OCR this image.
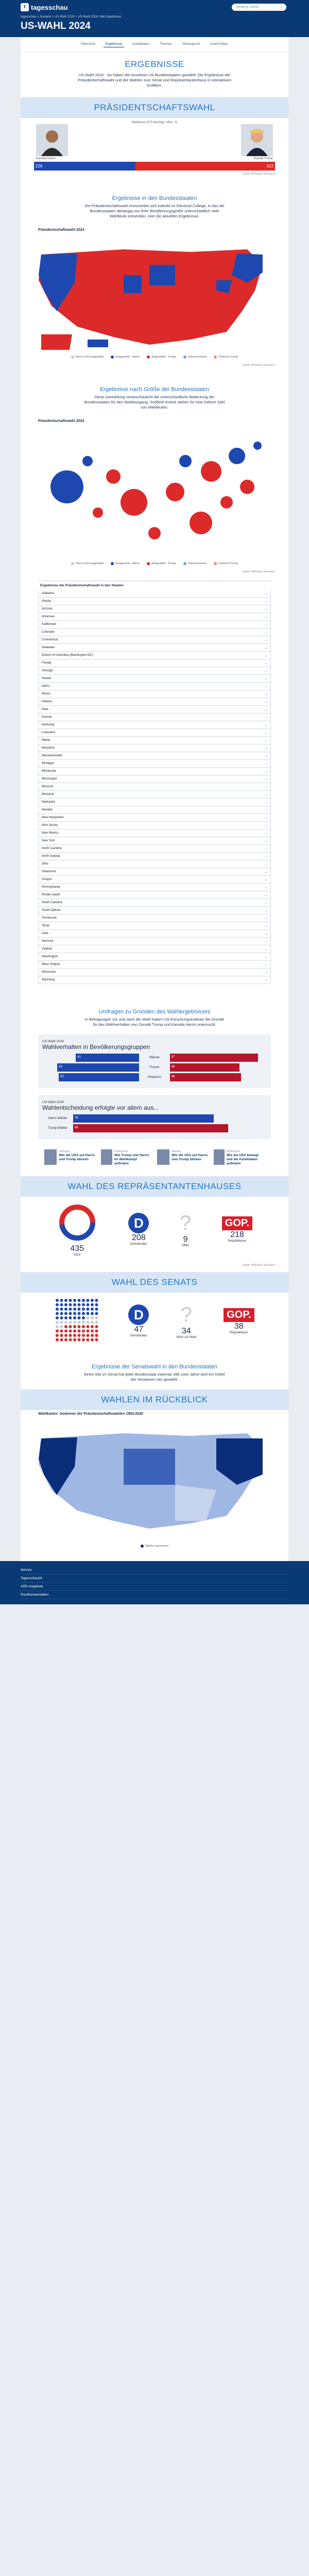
t tagesschau	Sendung suchen	⌕
tagesschau > Ausland > US-Wahl 2024 > US-Wahl 2024: Alle Ergebnisse
US-WAHL 2024
Übersicht	Ergebnisse	Kandidaten	Themen	Hintergrund	Audio/Video
ERGEBNISSE
US-Wahl 2024 - So haben die einzelnen US-Bundesstaaten gewählt: Die Ergebnisse der Präsidentschaftswahl und der Wahlen zum Senat und Repräsentantenhaus in interaktiven Grafiken.
PRÄSIDENTSCHAFTSWAHL
Wahlleute (270 benötigt, offen: 0)
Kamala Harris	Donald Trump
226	312
Quelle: AP/Edison Research
Ergebnisse in den Bundesstaaten
Die Präsidentschaftswahl entscheidet sich indirekt im Electoral College, in das die Bundesstaaten abhängig von ihrer Bevölkerungsgröße unterschiedlich viele Wahlleute entsenden. Hier die aktuellen Ergebnisse.
Präsidentschaftswahl 2024
Noch nicht ausgezählt	Ausgezählt - Harris	Ausgezählt - Trump	Führend Harris	Führend Trump
Quelle: AP/Edison Research
Ergebnisse nach Größe der Bundesstaaten
Diese Darstellung veranschaulicht die unterschiedliche Bedeutung der Bundesstaaten für den Wahlausgang. Größere Kreise stehen für eine höhere Zahl von Wahlleuten.
Präsidentschaftswahl 2024
Noch nicht ausgezählt	Ausgezählt - Harris	Ausgezählt - Trump	Führend Harris	Führend Trump
Quelle: AP/Edison Research
Ergebnisse der Präsidentschaftswahl in den Staaten
Alabama	⌄
Alaska	⌄
Arizona	⌄
Arkansas	⌄
Kalifornien	⌄
Colorado	⌄
Connecticut	⌄
Delaware	⌄
District of Columbia (Washington DC)	⌄
Florida	⌄
Georgia	⌄
Hawaii	⌄
Idaho	⌄
Illinois	⌄
Indiana	⌄
Iowa	⌄
Kansas	⌄
Kentucky	⌄
Louisiana	⌄
Maine	⌄
Maryland	⌄
Massachusetts	⌄
Michigan	⌄
Minnesota	⌄
Mississippi	⌄
Missouri	⌄
Montana	⌄
Nebraska	⌄
Nevada	⌄
New Hampshire	⌄
New Jersey	⌄
New Mexico	⌄
New York	⌄
North Carolina	⌄
North Dakota	⌄
Ohio	⌄
Oklahoma	⌄
Oregon	⌄
Pennsylvania	⌄
Rhode Island	⌄
South Carolina	⌄
South Dakota	⌄
Tennessee	⌄
Texas	⌄
Utah	⌄
Vermont	⌄
Virginia	⌄
Washington	⌄
West Virginia	⌄
Wisconsin	⌄
Wyoming	⌄
Umfragen zu Gründen des Wahlergebnisses
In Befragungen vor und nach der Wahl haben US-Forschungsinstitute die Gründe für das Wahlverhalten von Donald Trump und Kamala Harris untersucht.
US-Wahl 2024
Wahlverhalten in Bevölkerungsgruppen
41	Männer	57
53	Frauen	45
52	Hispanics	46
US-Wahl 2024
Wahlentscheidung erfolgte vor allem aus...
Harris-Wähler	78
Trump-Wähler	86
Umfragen
Wie die USA auf Harris und Trump blicken
Hintergrund
Wie Trump und Harris im Wahlkampf auftraten
Analyse
Wie die USA auf Harris und Trump blicken
Hintergrund
Wie die USA bewegt und die Kandidaten auftraten
WAHL DES REPRÄSENTANTENHAUSES
435
Sitze
D
208
Demokraten
?
9
Offen
GOP.
218
Republikaner
Quelle: AP/Edison Research
WAHL DES SENATS
D
47
Demokraten
?
34
Nicht zur Wahl
GOP.
38
Republikaner
Ergebnisse der Senatswahl in den Bundesstaaten
Einen Sitz im Senat hat jeder Bundesstaat zweimal. Alle zwei Jahre wird ein Drittel der Senatoren neu gewählt.
WAHLEN IM RÜCKBLICK
Wahlkarten: Gewinner der Präsidentschaftswahlen 1992-2020
Wahlen gewonnen
Service
Tagesschau24
ARD-Angebote
Rundfunkanstalten
